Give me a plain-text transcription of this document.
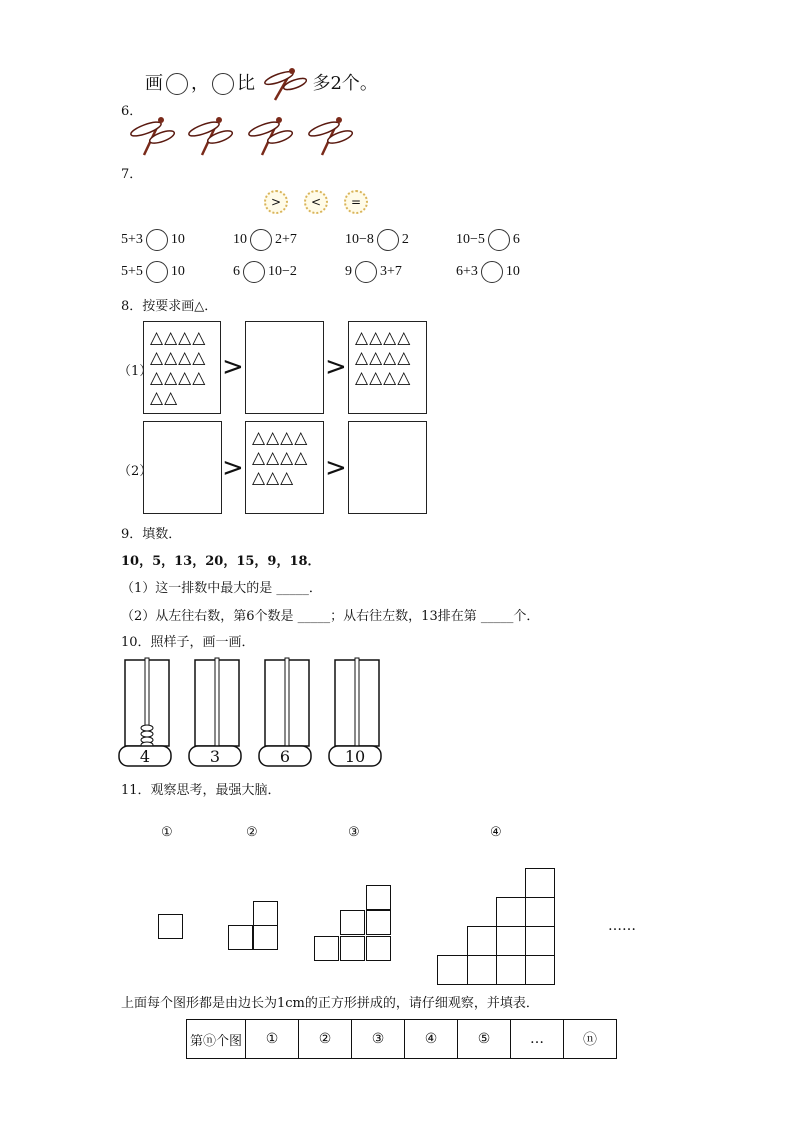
画 ， 比	多2个。
6．
7．
>	<	=
5+3 10	10 2+7	10−8 2	10−5 6
5+5 10	6 10−2	9 3+7	6+3 10
8．按要求画△．
（1）
△△△△
△△△△
△△△△
△△
>	>
△△△△
△△△△
△△△△
（2）	>
△△△△
△△△△
△△△	>
9．填数．
10，5，13，20，15，9，18．
（1）这一排数中最大的是 _____．
（2）从左往右数，第6个数是 _____；从右往左数，13排在第 _____个．
10．照样子，画一画．
4	3	6	10
11．观察思考，最强大脑．
①	②	③	④
……
上面每个图形都是由边长为1cm的正方形拼成的，请仔细观察，并填表．
第ⓝ个图	①	②	③	④	⑤	…	ⓝ
